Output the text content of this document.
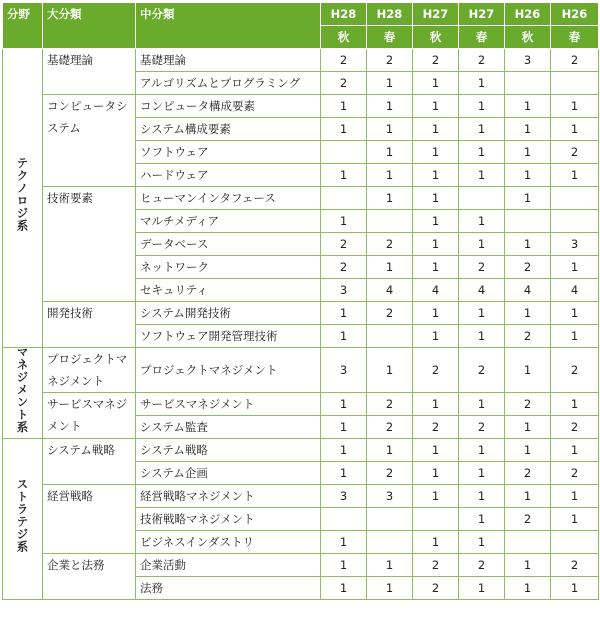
分野	大分類	中分類	H28	H28	H27	H27	H26	H26
			秋	春	秋	春	秋	春
テクノロジ系	基礎理論	基礎理論	2	2	2	2	3	2
		アルゴリズムとプログラミング	2	1	1	1		
	コンピュータシステム	コンピュータ構成要素	1	1	1	1	1	1
		システム構成要素	1	1	1	1	1	1
		ソフトウェア		1	1	1	1	2
		ハードウェア	1	1	1	1	1	1
	技術要素	ヒューマンインタフェース		1	1		1	
		マルチメディア	1		1	1		
		データベース	2	2	1	1	1	3
		ネットワーク	2	1	1	2	2	1
		セキュリティ	3	4	4	4	4	4
	開発技術	システム開発技術	1	2	1	1	1	1
		ソフトウェア開発管理技術	1		1	1	2	1
マネジメント系	プロジェクトマネジメント	プロジェクトマネジメント	3	1	2	2	1	2
	サービスマネジメント	サービスマネジメント	1	2	1	1	2	1
		システム監査	1	2	2	2	1	2
ストラテジ系	システム戦略	システム戦略	1	1	1	1	1	1
		システム企画	1	2	1	1	2	2
	経営戦略	経営戦略マネジメント	3	3	1	1	1	1
		技術戦略マネジメント				1	2	1
		ビジネスインダストリ	1		1	1		
	企業と法務	企業活動	1	1	2	2	1	2
		法務	1	1	2	1	1	1
